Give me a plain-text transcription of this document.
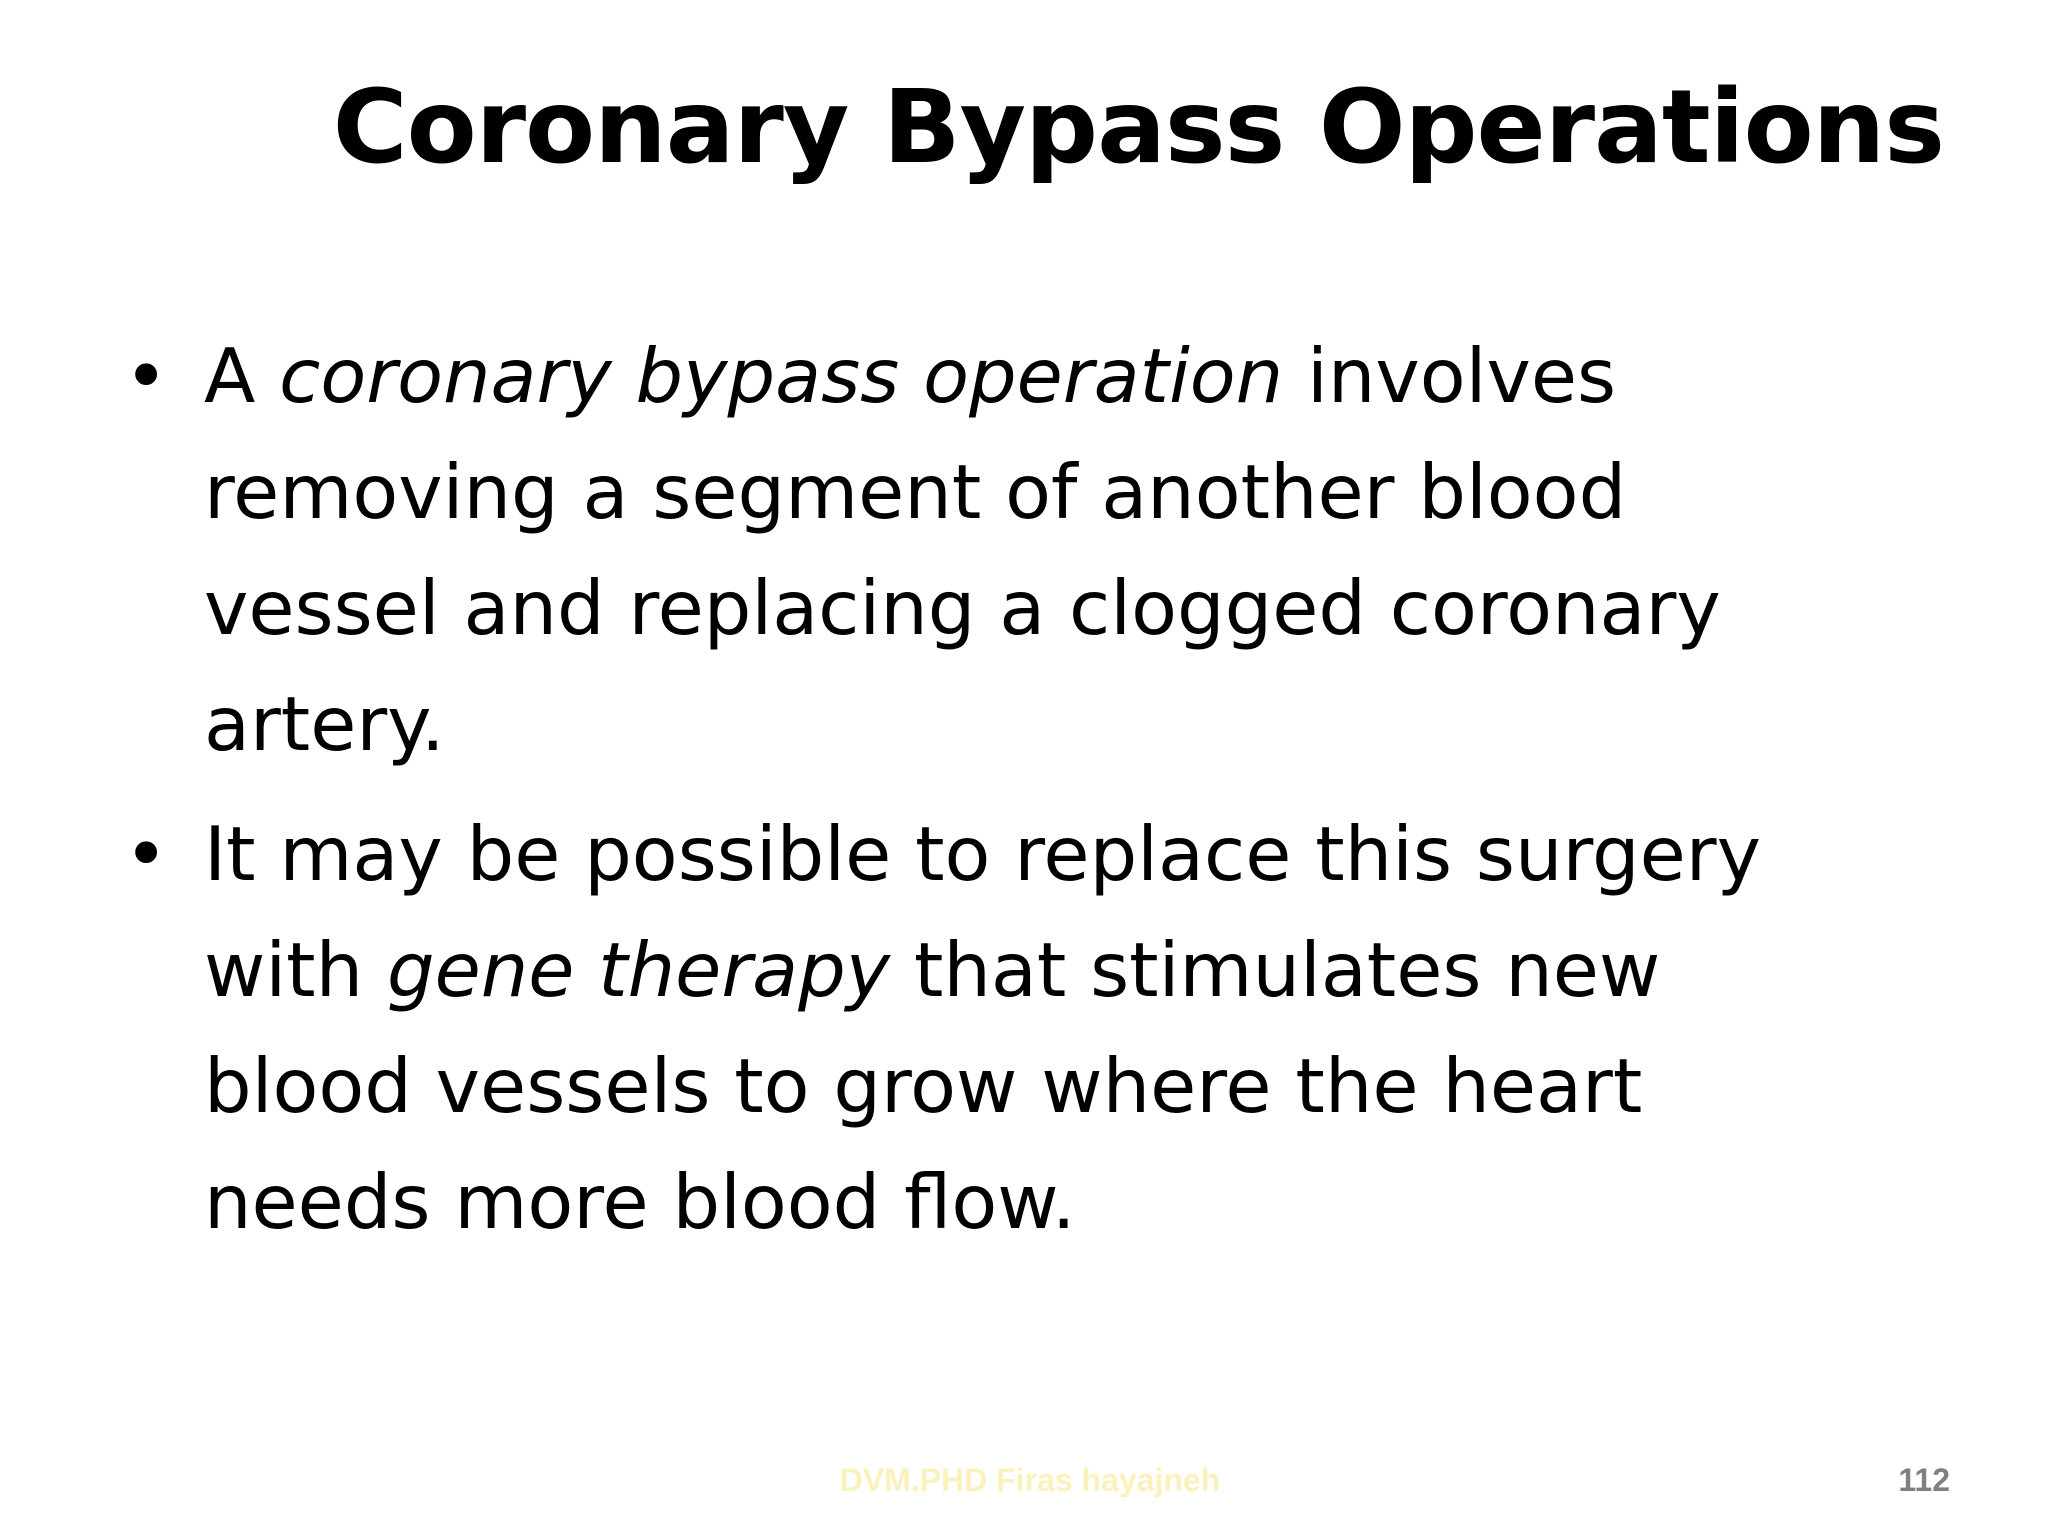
Coronary Bypass Operations
• A coronary bypass operation involves
removing a segment of another blood
vessel and replacing a clogged coronary
artery.
• It may be possible to replace this surgery
with gene therapy that stimulates new
blood vessels to grow where the heart
needs more blood flow.
DVM.PHD Firas hayajneh	112
